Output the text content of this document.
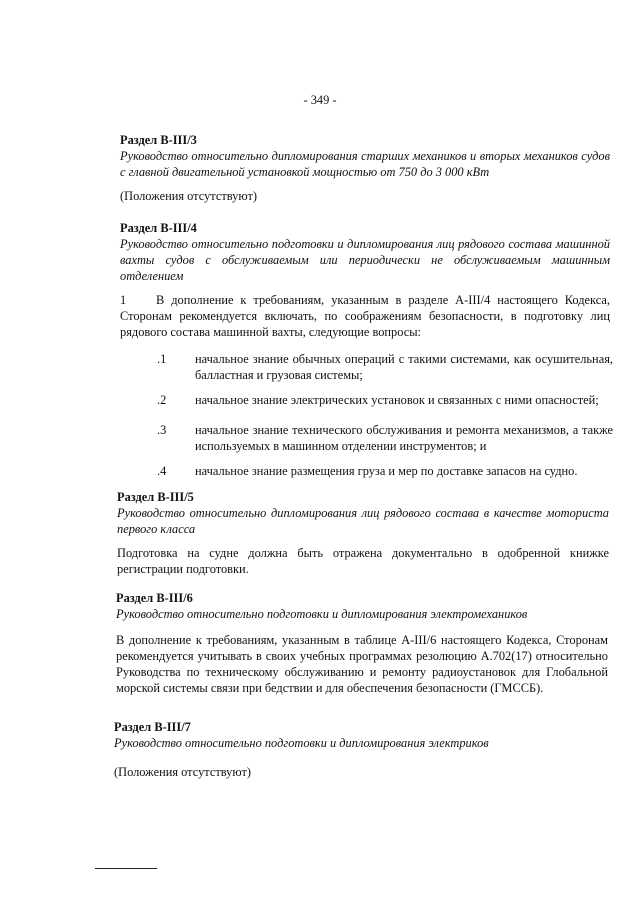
- 349 -
Раздел B-III/3
Руководство относительно дипломирования старших механиков и вторых механиков судов с главной двигательной установкой мощностью от 750 до 3 000 кВт
(Положения отсутствуют)
Раздел B-III/4
Руководство относительно подготовки и дипломирования лиц рядового состава машинной вахты судов с обслуживаемым или периодически не обслуживаемым машинным отделением
1 В дополнение к требованиям, указанным в разделе A-III/4 настоящего Кодекса, Сторонам рекомендуется включать, по соображениям безопасности, в подготовку лиц рядового состава машинной вахты, следующие вопросы:
.1 начальное знание обычных операций с такими системами, как осушительная, балластная и грузовая системы;
.2 начальное знание электрических установок и связанных с ними опасностей;
.3 начальное знание технического обслуживания и ремонта механизмов, а также используемых в машинном отделении инструментов; и
.4 начальное знание размещения груза и мер по доставке запасов на судно.
Раздел B-III/5
Руководство относительно дипломирования лиц рядового состава в качестве моториста первого класса
Подготовка на судне должна быть отражена документально в одобренной книжке регистрации подготовки.
Раздел B-III/6
Руководство относительно подготовки и дипломирования электромехаников
В дополнение к требованиям, указанным в таблице A-III/6 настоящего Кодекса, Сторонам рекомендуется учитывать в своих учебных программах резолюцию A.702(17) относительно Руководства по техническому обслуживанию и ремонту радиоустановок для Глобальной морской системы связи при бедствии и для обеспечения безопасности (ГМССБ).
Раздел B-III/7
Руководство относительно подготовки и дипломирования электриков
(Положения отсутствуют)
